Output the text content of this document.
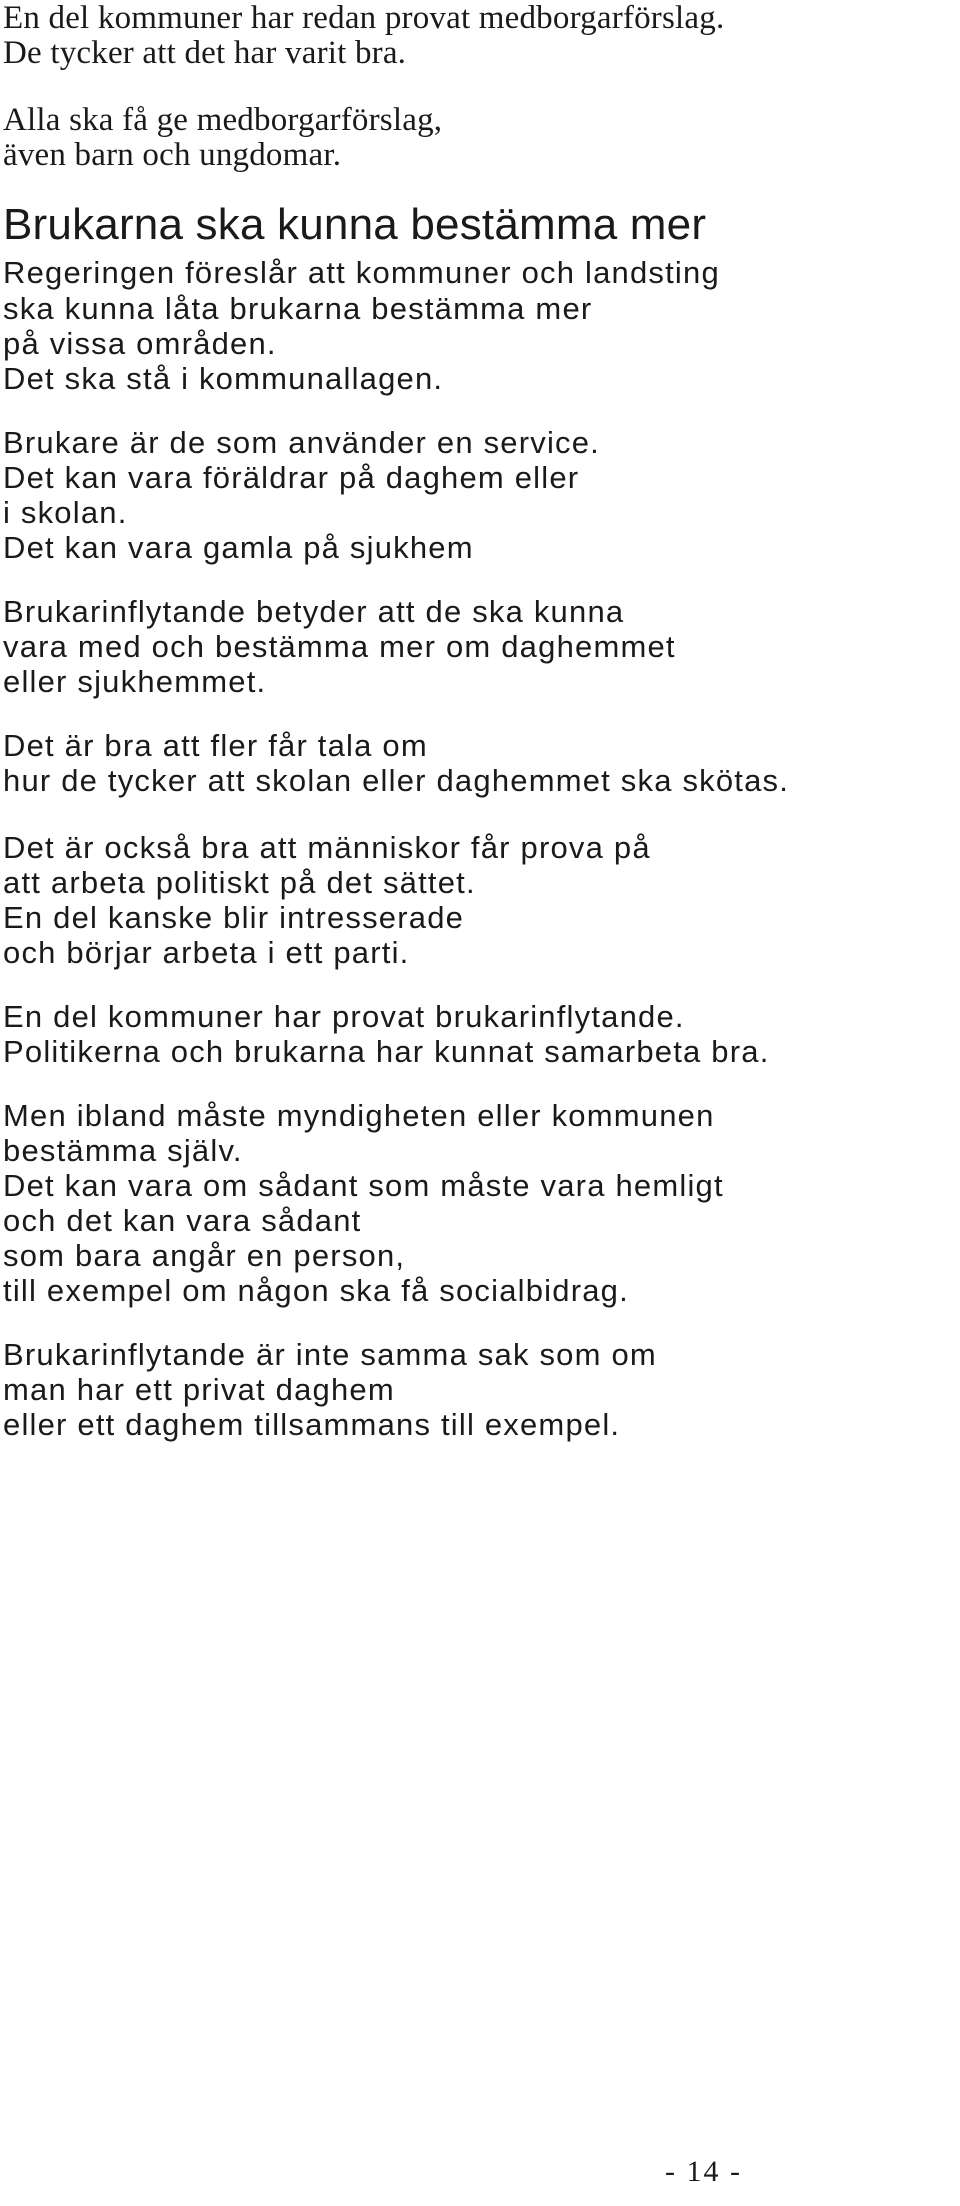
En del kommuner har redan provat medborgarförslag.
De tycker att det har varit bra.
Alla ska få ge medborgarförslag,
även barn och ungdomar.
Brukarna ska kunna bestämma mer
Regeringen föreslår att kommuner och landsting
ska kunna låta brukarna bestämma mer
på vissa områden.
Det ska stå i kommunallagen.
Brukare är de som använder en service.
Det kan vara föräldrar på daghem eller
i skolan.
Det kan vara gamla på sjukhem
Brukarinflytande betyder att de ska kunna
vara med och bestämma mer om daghemmet
eller sjukhemmet.
Det är bra att fler får tala om
hur de tycker att skolan eller daghemmet ska skötas.
Det är också bra att människor får prova på
att arbeta politiskt på det sättet.
En del kanske blir intresserade
och börjar arbeta i ett parti.
En del kommuner har provat brukarinflytande.
Politikerna och brukarna har kunnat samarbeta bra.
Men ibland måste myndigheten eller kommunen
bestämma själv.
Det kan vara om sådant som måste vara hemligt
och det kan vara sådant
som bara angår en person,
till exempel om någon ska få socialbidrag.
Brukarinflytande är inte samma sak som om
man har ett privat daghem
eller ett daghem tillsammans till exempel.
- 14 -
